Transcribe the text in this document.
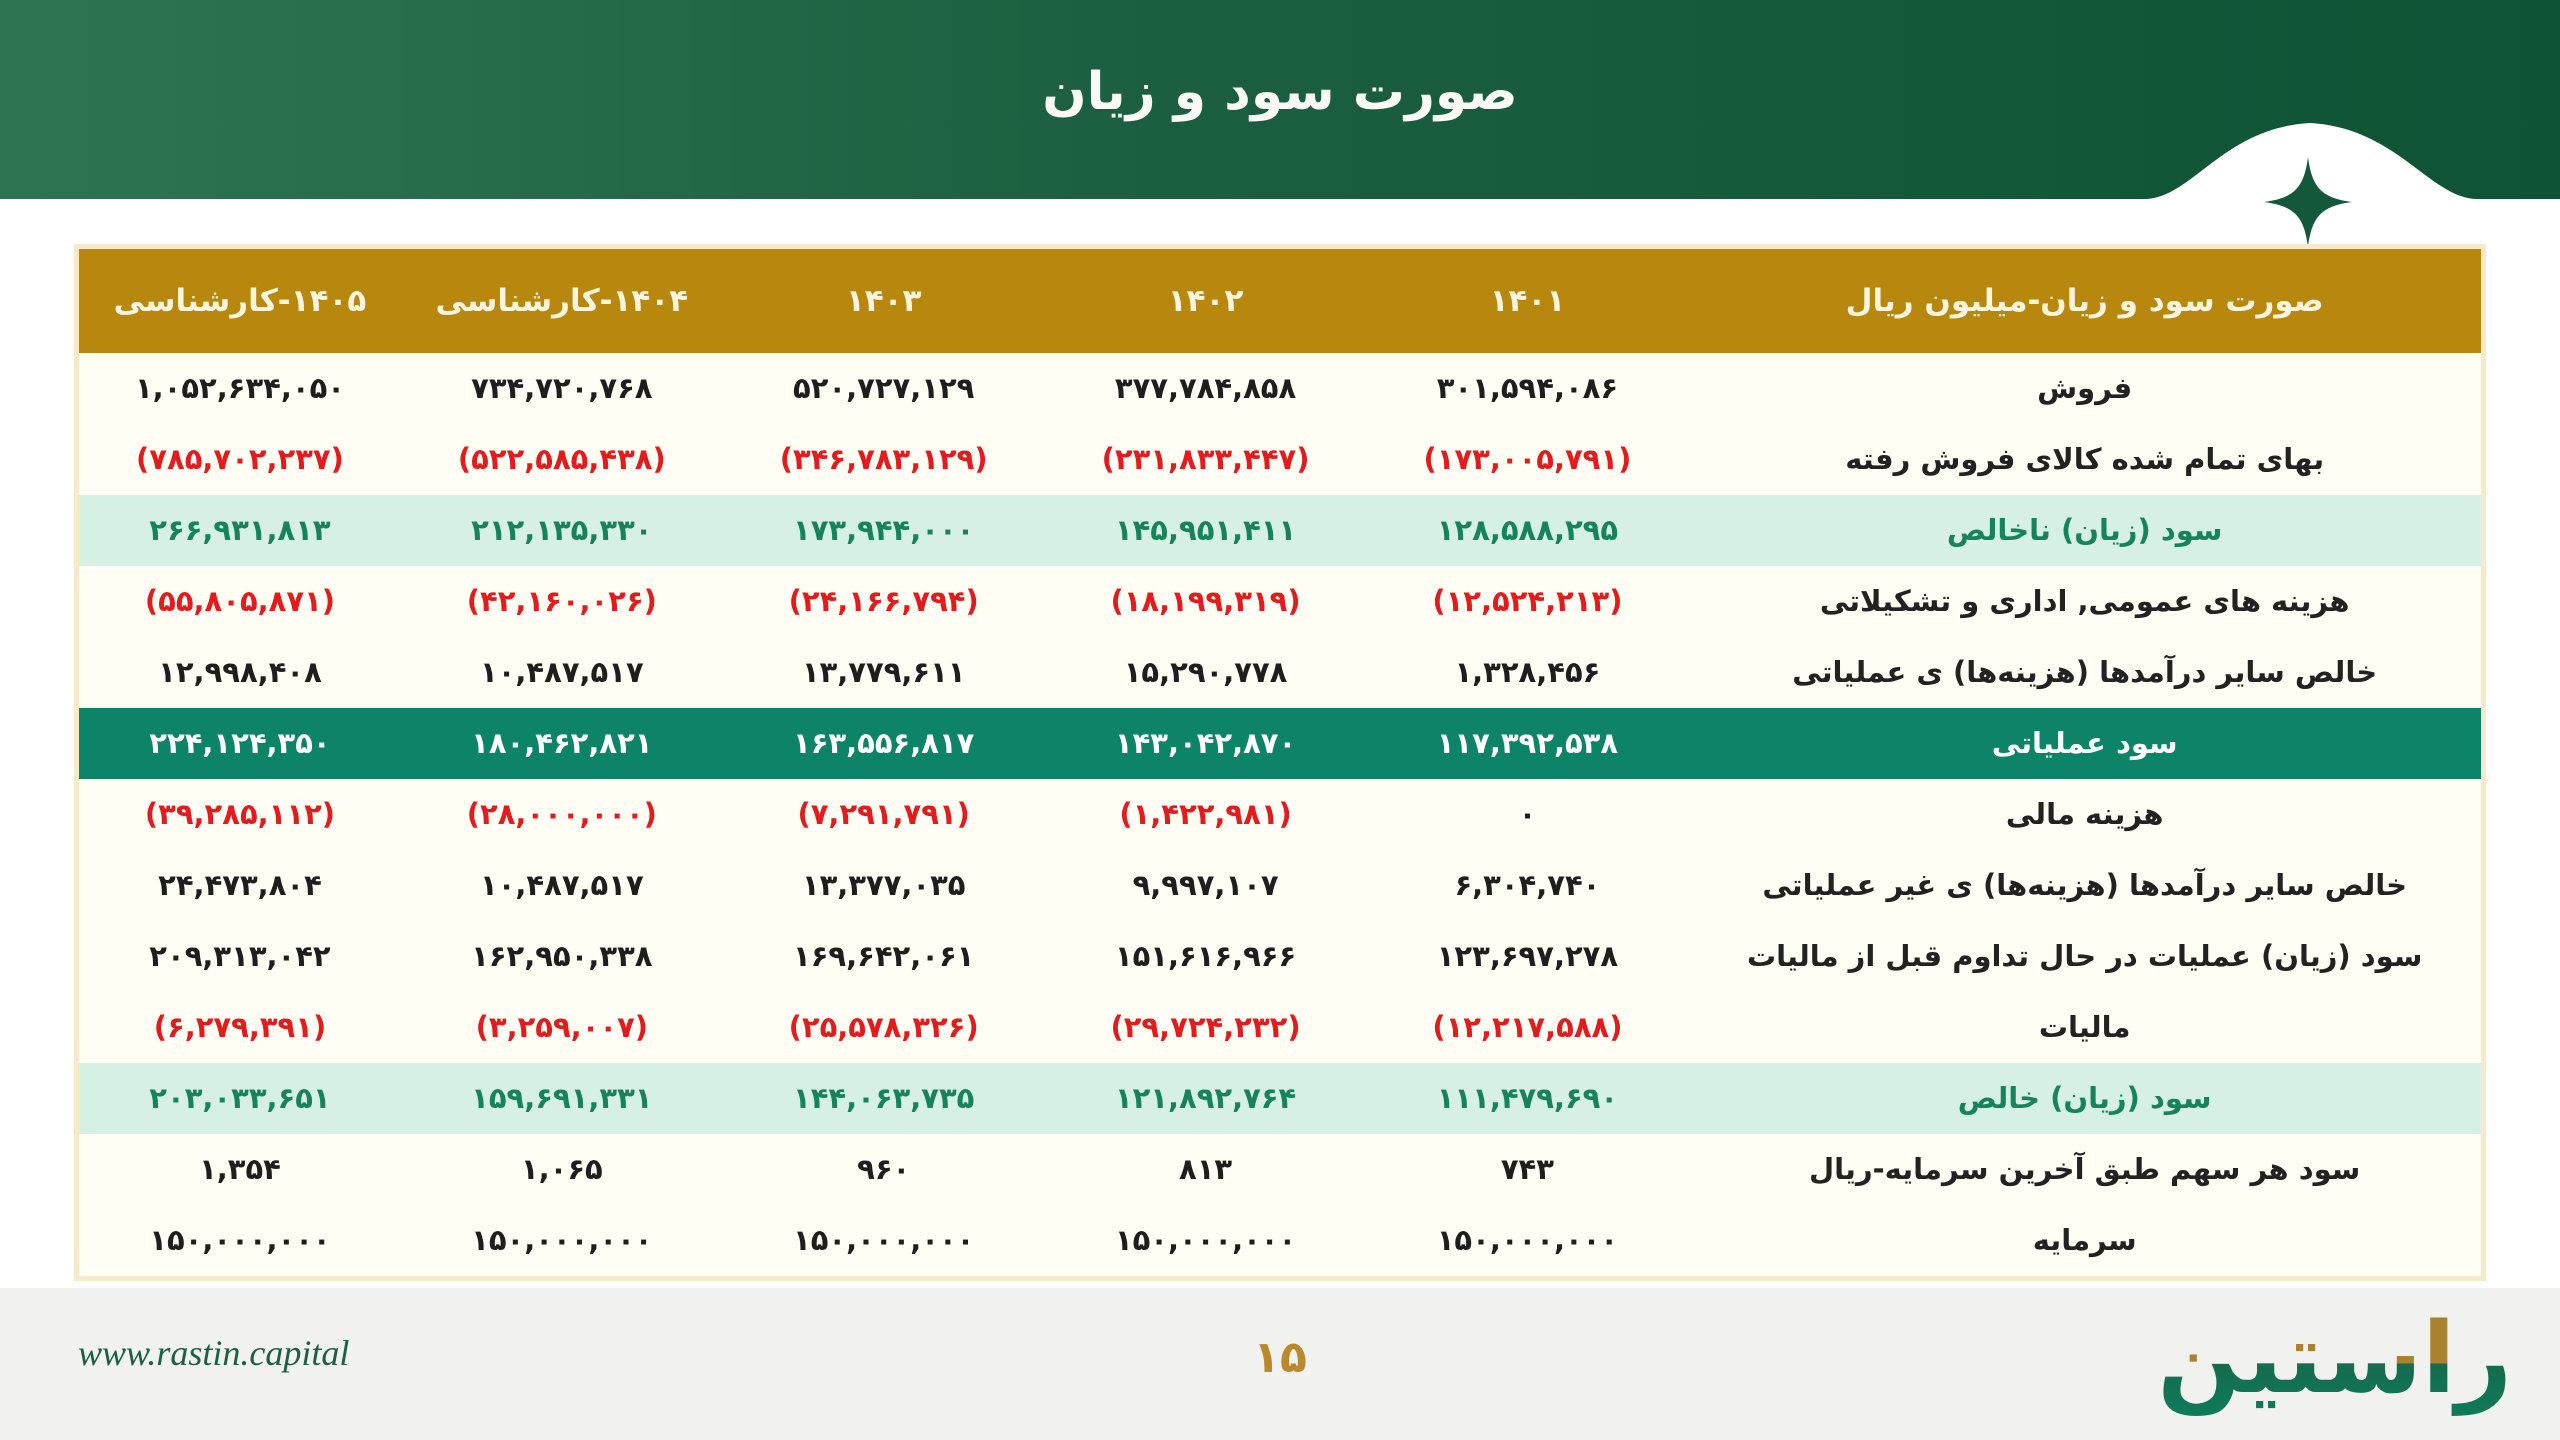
صورت سود و زیان
صورت سود و زیان-میلیون ریال
۱۴۰۱
۱۴۰۲
۱۴۰۳
۱۴۰۴-کارشناسی
۱۴۰۵-کارشناسی
فروش
۳۰۱,۵۹۴,۰۸۶
۳۷۷,۷۸۴,۸۵۸
۵۲۰,۷۲۷,۱۲۹
۷۳۴,۷۲۰,۷۶۸
۱,۰۵۲,۶۳۴,۰۵۰
بهای تمام شده کالای فروش رفته
(۱۷۳,۰۰۵,۷۹۱)
(۲۳۱,۸۳۳,۴۴۷)
(۳۴۶,۷۸۳,۱۲۹)
(۵۲۲,۵۸۵,۴۳۸)
(۷۸۵,۷۰۲,۲۳۷)
سود (زیان) ناخالص
۱۲۸,۵۸۸,۲۹۵
۱۴۵,۹۵۱,۴۱۱
۱۷۳,۹۴۴,۰۰۰
۲۱۲,۱۳۵,۳۳۰
۲۶۶,۹۳۱,۸۱۳
هزینه های عمومی, اداری و تشکیلاتی
(۱۲,۵۲۴,۲۱۳)
(۱۸,۱۹۹,۳۱۹)
(۲۴,۱۶۶,۷۹۴)
(۴۲,۱۶۰,۰۲۶)
(۵۵,۸۰۵,۸۷۱)
خالص سایر درآمدها (هزینه‌ها) ی عملیاتی
۱,۳۲۸,۴۵۶
۱۵,۲۹۰,۷۷۸
۱۳,۷۷۹,۶۱۱
۱۰,۴۸۷,۵۱۷
۱۲,۹۹۸,۴۰۸
سود عملیاتی
۱۱۷,۳۹۲,۵۳۸
۱۴۳,۰۴۲,۸۷۰
۱۶۳,۵۵۶,۸۱۷
۱۸۰,۴۶۲,۸۲۱
۲۲۴,۱۲۴,۳۵۰
هزینه مالی
۰
(۱,۴۲۲,۹۸۱)
(۷,۲۹۱,۷۹۱)
(۲۸,۰۰۰,۰۰۰)
(۳۹,۲۸۵,۱۱۲)
خالص سایر درآمدها (هزینه‌ها) ی غیر عملیاتی
۶,۳۰۴,۷۴۰
۹,۹۹۷,۱۰۷
۱۳,۳۷۷,۰۳۵
۱۰,۴۸۷,۵۱۷
۲۴,۴۷۳,۸۰۴
سود (زیان) عملیات در حال تداوم قبل از مالیات
۱۲۳,۶۹۷,۲۷۸
۱۵۱,۶۱۶,۹۶۶
۱۶۹,۶۴۲,۰۶۱
۱۶۲,۹۵۰,۳۳۸
۲۰۹,۳۱۳,۰۴۲
مالیات
(۱۲,۲۱۷,۵۸۸)
(۲۹,۷۲۴,۲۳۲)
(۲۵,۵۷۸,۳۲۶)
(۳,۲۵۹,۰۰۷)
(۶,۲۷۹,۳۹۱)
سود (زیان) خالص
۱۱۱,۴۷۹,۶۹۰
۱۲۱,۸۹۲,۷۶۴
۱۴۴,۰۶۳,۷۳۵
۱۵۹,۶۹۱,۳۳۱
۲۰۳,۰۳۳,۶۵۱
سود هر سهم طبق آخرین سرمایه-ریال
۷۴۳
۸۱۳
۹۶۰
۱,۰۶۵
۱,۳۵۴
سرمایه
۱۵۰,۰۰۰,۰۰۰
۱۵۰,۰۰۰,۰۰۰
۱۵۰,۰۰۰,۰۰۰
۱۵۰,۰۰۰,۰۰۰
۱۵۰,۰۰۰,۰۰۰
www.rastin.capital	۱۵	راستین
